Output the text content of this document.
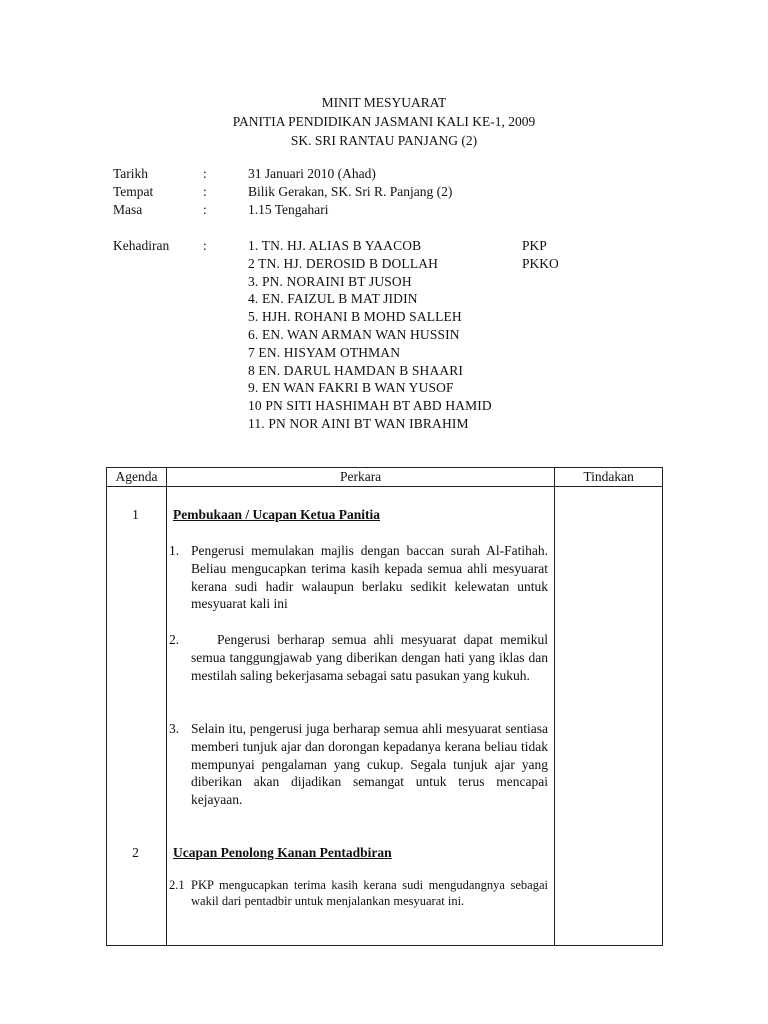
MINIT MESYUARAT
PANITIA PENDIDIKAN JASMANI KALI KE-1, 2009
SK. SRI RANTAU PANJANG (2)
Tarikh	:	31 Januari 2010 (Ahad)
Tempat	:	Bilik Gerakan, SK. Sri R. Panjang (2)
Masa	:	1.15 Tengahari
Kehadiran	:	1. TN. HJ. ALIAS B YAACOB	PKP
2 TN. HJ. DEROSID B DOLLAH	PKKO
3. PN. NORAINI BT JUSOH
4. EN. FAIZUL B MAT JIDIN
5. HJH. ROHANI B MOHD SALLEH
6. EN. WAN ARMAN WAN HUSSIN
7 EN. HISYAM OTHMAN
8 EN. DARUL HAMDAN B SHAARI
9. EN WAN FAKRI B WAN YUSOF
10 PN SITI HASHIMAH BT ABD HAMID
11. PN NOR AINI BT WAN IBRAHIM
Agenda	Perkara	Tindakan

1	Pembukaan / Ucapan Ketua Panitia
1. Pengerusi memulakan majlis dengan baccan surah Al-Fatihah. Beliau mengucapkan terima kasih kepada semua ahli mesyuarat kerana sudi hadir walaupun berlaku sedikit kelewatan untuk mesyuarat kali ini
2.	Pengerusi berharap semua ahli mesyuarat dapat memikul semua tanggungjawab yang diberikan dengan hati yang iklas dan mestilah saling bekerjasama sebagai satu pasukan yang kukuh.
3. Selain itu, pengerusi juga berharap semua ahli mesyuarat sentiasa memberi tunjuk ajar dan dorongan kepadanya kerana beliau tidak mempunyai pengalaman yang cukup. Segala tunjuk ajar yang diberikan akan dijadikan semangat untuk terus mencapai kejayaan.
2	Ucapan Penolong Kanan Pentadbiran
2.1 PKP mengucapkan terima kasih kerana sudi mengudangnya sebagai wakil dari pentadbir untuk menjalankan mesyuarat ini.
